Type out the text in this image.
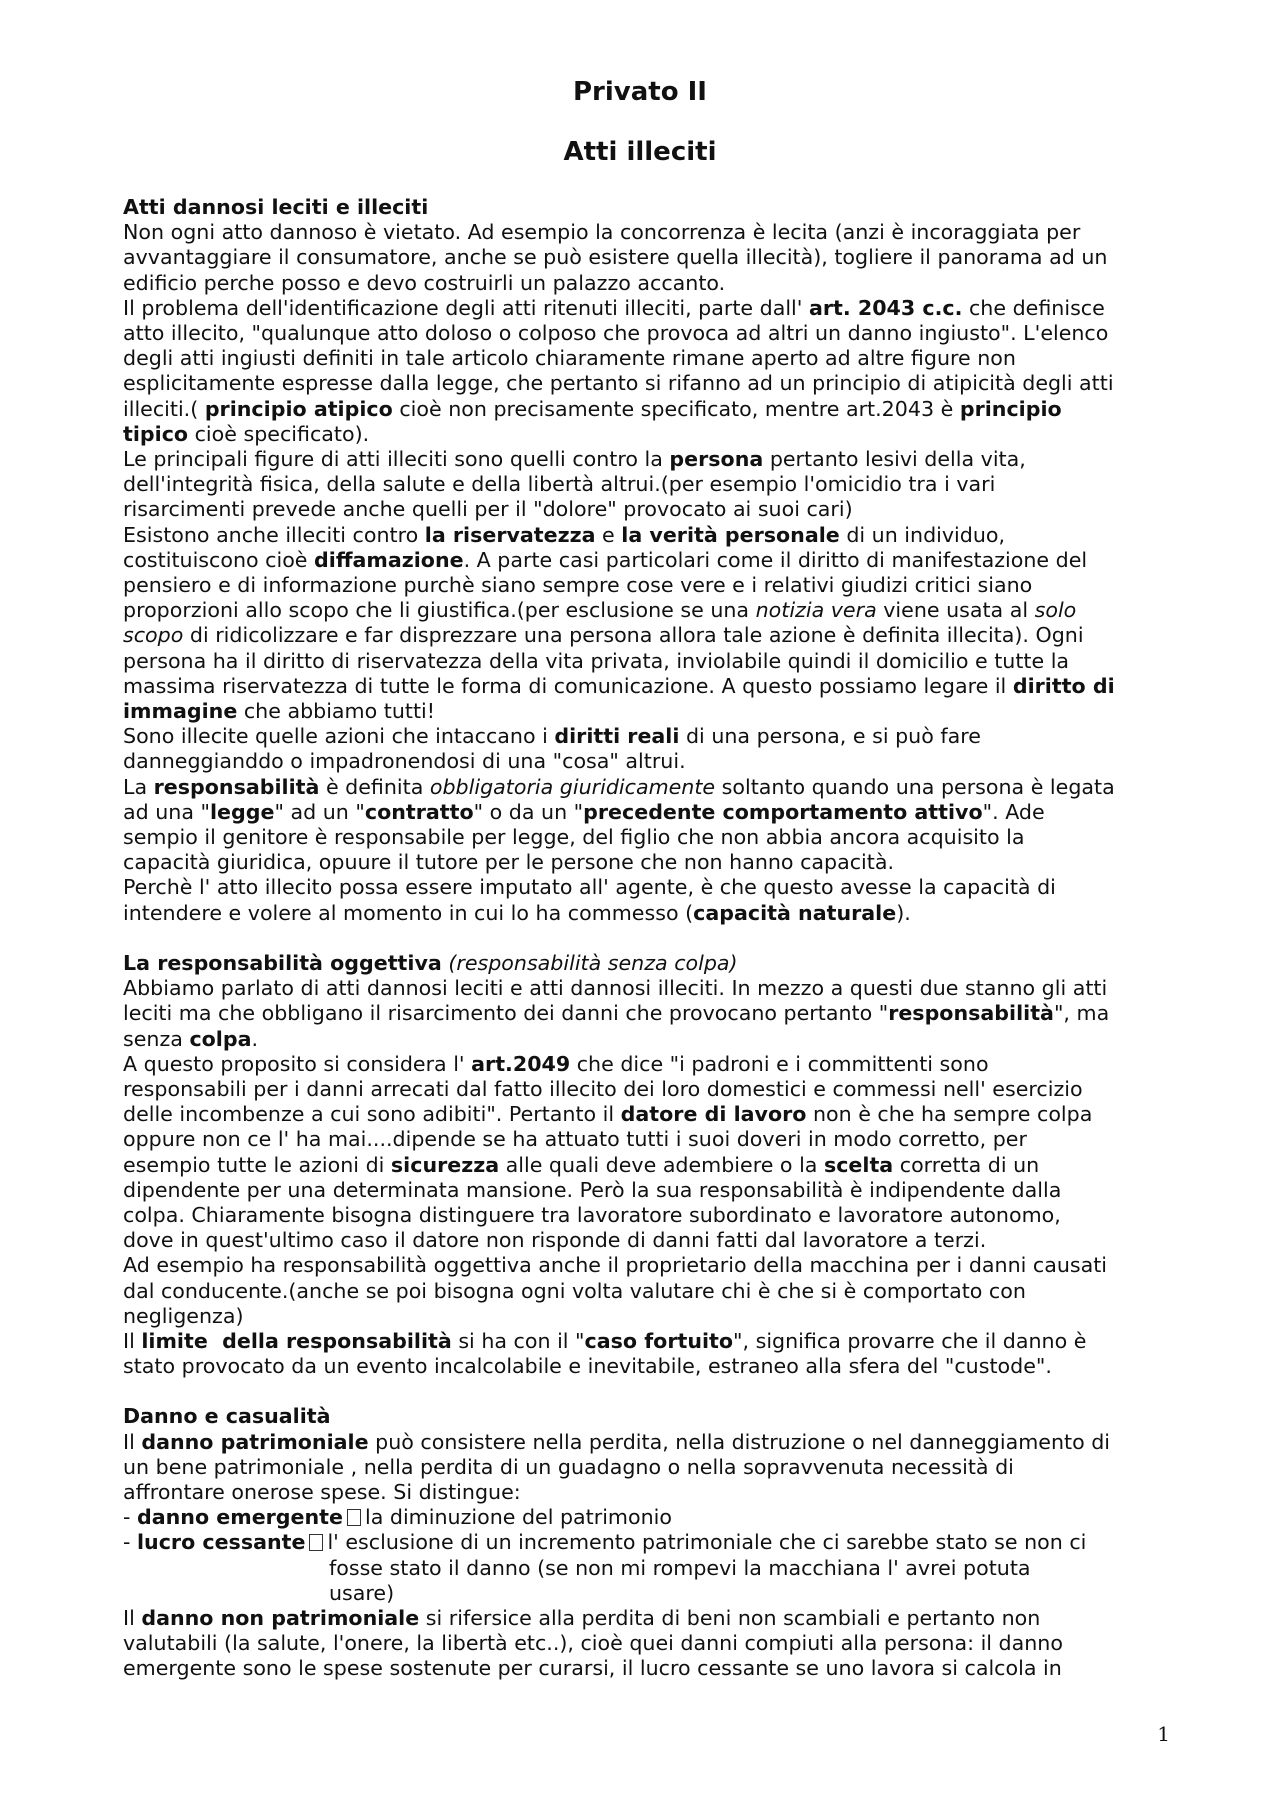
Privato II
Atti illeciti

Atti dannosi leciti e illeciti

Non ogni atto dannoso è vietato. Ad esempio la concorrenza è lecita (anzi è incoraggiata per
avvantaggiare il consumatore, anche se può esistere quella illecità), togliere il panorama ad un
edificio perche posso e devo costruirli un palazzo accanto.

Il problema dell'identificazione degli atti ritenuti illeciti, parte dall' art. 2043 c.c. che definisce
atto illecito, "qualunque atto doloso o colposo che provoca ad altri un danno ingiusto". L'elenco
degli atti ingiusti definiti in tale articolo chiaramente rimane aperto ad altre figure non
esplicitamente espresse dalla legge, che pertanto si rifanno ad un principio di atipicità degli atti
illeciti.( principio atipico cioè non precisamente specificato, mentre art.2043 è principio
tipico cioè specificato).

Le principali figure di atti illeciti sono quelli contro la persona pertanto lesivi della vita,
dell'integrità fisica, della salute e della libertà altrui.(per esempio l'omicidio tra i vari
risarcimenti prevede anche quelli per il "dolore" provocato ai suoi cari)

Esistono anche illeciti contro la riservatezza e la verità personale di un individuo,
costituiscono cioè diffamazione. A parte casi particolari come il diritto di manifestazione del
pensiero e di informazione purchè siano sempre cose vere e i relativi giudizi critici siano
proporzioni allo scopo che li giustifica.(per esclusione se una notizia vera viene usata al solo
scopo di ridicolizzare e far disprezzare una persona allora tale azione è definita illecita). Ogni
persona ha il diritto di riservatezza della vita privata, inviolabile quindi il domicilio e tutte la
massima riservatezza di tutte le forma di comunicazione. A questo possiamo legare il diritto di
immagine che abbiamo tutti!

Sono illecite quelle azioni che intaccano i diritti reali di una persona, e si può fare
danneggianddo o impadronendosi di una "cosa" altrui.

La responsabilità è definita obbligatoria giuridicamente soltanto quando una persona è legata
ad una "legge" ad un "contratto" o da un "precedente comportamento attivo". Ade
sempio il genitore è responsabile per legge, del figlio che non abbia ancora acquisito la
capacità giuridica, opuure il tutore per le persone che non hanno capacità.
Perchè l' atto illecito possa essere imputato all' agente, è che questo avesse la capacità di
intendere e volere al momento in cui lo ha commesso (capacità naturale).

La responsabilità oggettiva (responsabilità senza colpa)

Abbiamo parlato di atti dannosi leciti e atti dannosi illeciti. In mezzo a questi due stanno gli atti
leciti ma che obbligano il risarcimento dei danni che provocano pertanto "responsabilità", ma
senza colpa.

A questo proposito si considera l' art.2049 che dice "i padroni e i committenti sono
responsabili per i danni arrecati dal fatto illecito dei loro domestici e commessi nell' esercizio
delle incombenze a cui sono adibiti". Pertanto il datore di lavoro non è che ha sempre colpa
oppure non ce l' ha mai....dipende se ha attuato tutti i suoi doveri in modo corretto, per
esempio tutte le azioni di sicurezza alle quali deve adembiere o la scelta corretta di un
dipendente per una determinata mansione. Però la sua responsabilità è indipendente dalla
colpa. Chiaramente bisogna distinguere tra lavoratore subordinato e lavoratore autonomo,
dove in quest'ultimo caso il datore non risponde di danni fatti dal lavoratore a terzi.
Ad esempio ha responsabilità oggettiva anche il proprietario della macchina per i danni causati
dal conducente.(anche se poi bisogna ogni volta valutare chi è che si è comportato con
negligenza)

Il limite  della responsabilità si ha con il "caso fortuito", significa provarre che il danno è
stato provocato da un evento incalcolabile e inevitabile, estraneo alla sfera del "custode".

Danno e casualità

Il danno patrimoniale può consistere nella perdita, nella distruzione o nel danneggiamento di
un bene patrimoniale , nella perdita di un guadagno o nella sopravvenuta necessità di
affrontare onerose spese. Si distingue:

- danno emergente la diminuzione del patrimonio

- lucro cessante l' esclusione di un incremento patrimoniale che ci sarebbe stato se non ci

fosse stato il danno (se non mi rompevi la macchiana l' avrei potuta
usare)

Il danno non patrimoniale si rifersice alla perdita di beni non scambiali e pertanto non
valutabili (la salute, l'onere, la libertà etc..), cioè quei danni compiuti alla persona: il danno
emergente sono le spese sostenute per curarsi, il lucro cessante se uno lavora si calcola in

1
